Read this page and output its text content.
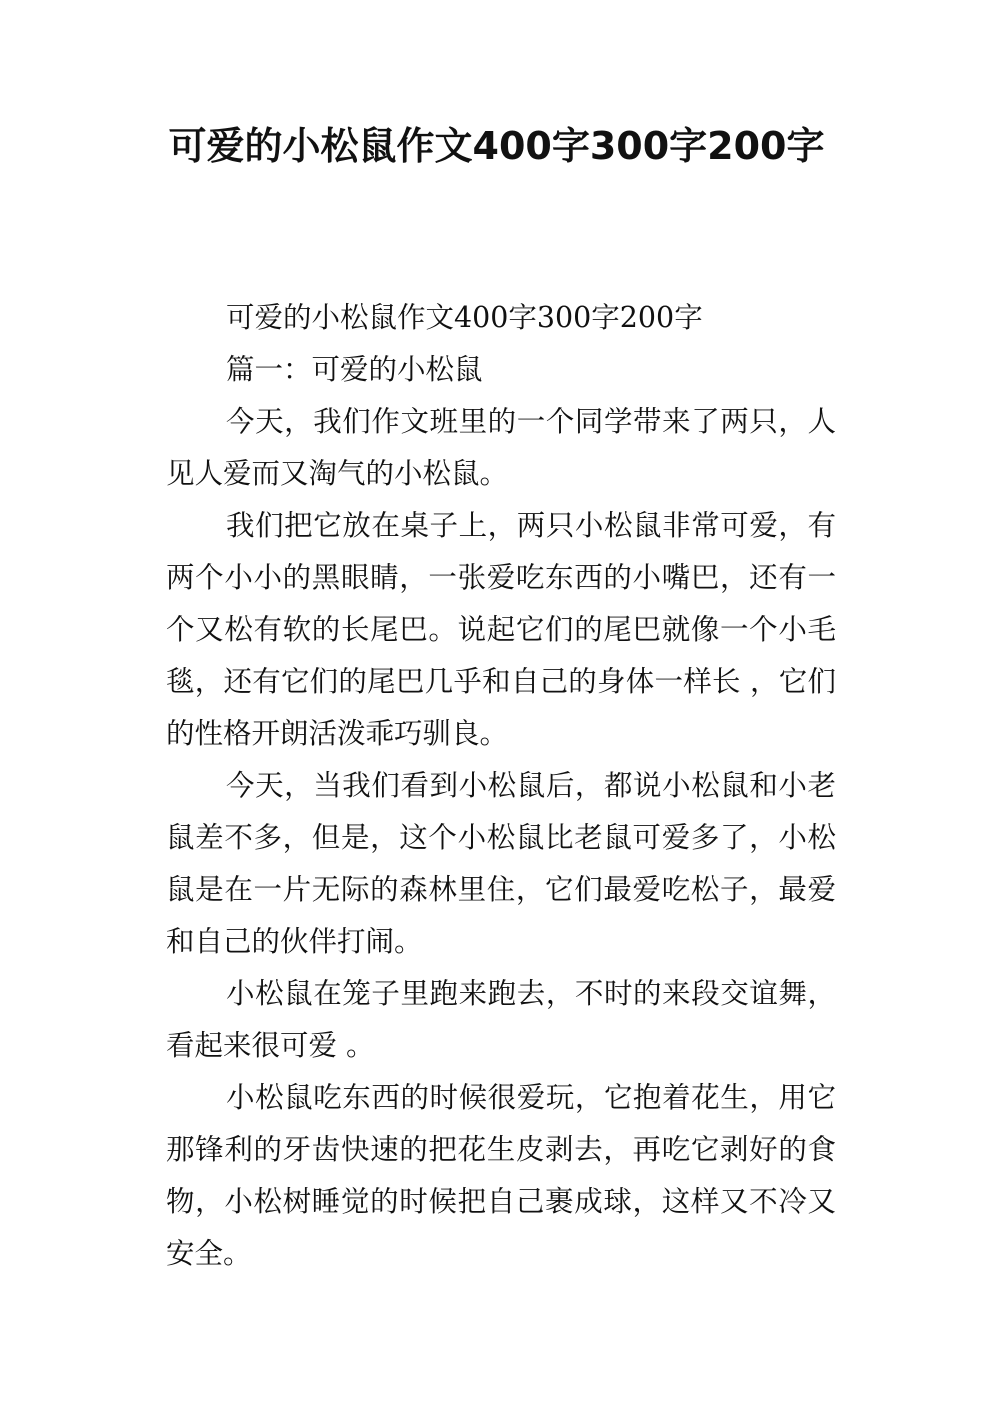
可爱的小松鼠作文400字300字200字

可爱的小松鼠作文400字300字200字

篇一：可爱的小松鼠

今天，我们作文班里的一个同学带来了两只，人见人爱而又淘气的小松鼠。

我们把它放在桌子上，两只小松鼠非常可爱，有两个小小的黑眼睛，一张爱吃东西的小嘴巴，还有一个又松有软的长尾巴。说起它们的尾巴就像一个小毛毯，还有它们的尾巴几乎和自己的身体一样长 ，它们的性格开朗活泼乖巧驯良。

今天，当我们看到小松鼠后，都说小松鼠和小老鼠差不多，但是，这个小松鼠比老鼠可爱多了，小松鼠是在一片无际的森林里住，它们最爱吃松子，最爱和自己的伙伴打闹。

小松鼠在笼子里跑来跑去，不时的来段交谊舞，看起来很可爱 。

小松鼠吃东西的时候很爱玩，它抱着花生，用它那锋利的牙齿快速的把花生皮剥去，再吃它剥好的食物，小松树睡觉的时候把自己裹成球，这样又不冷又安全。
